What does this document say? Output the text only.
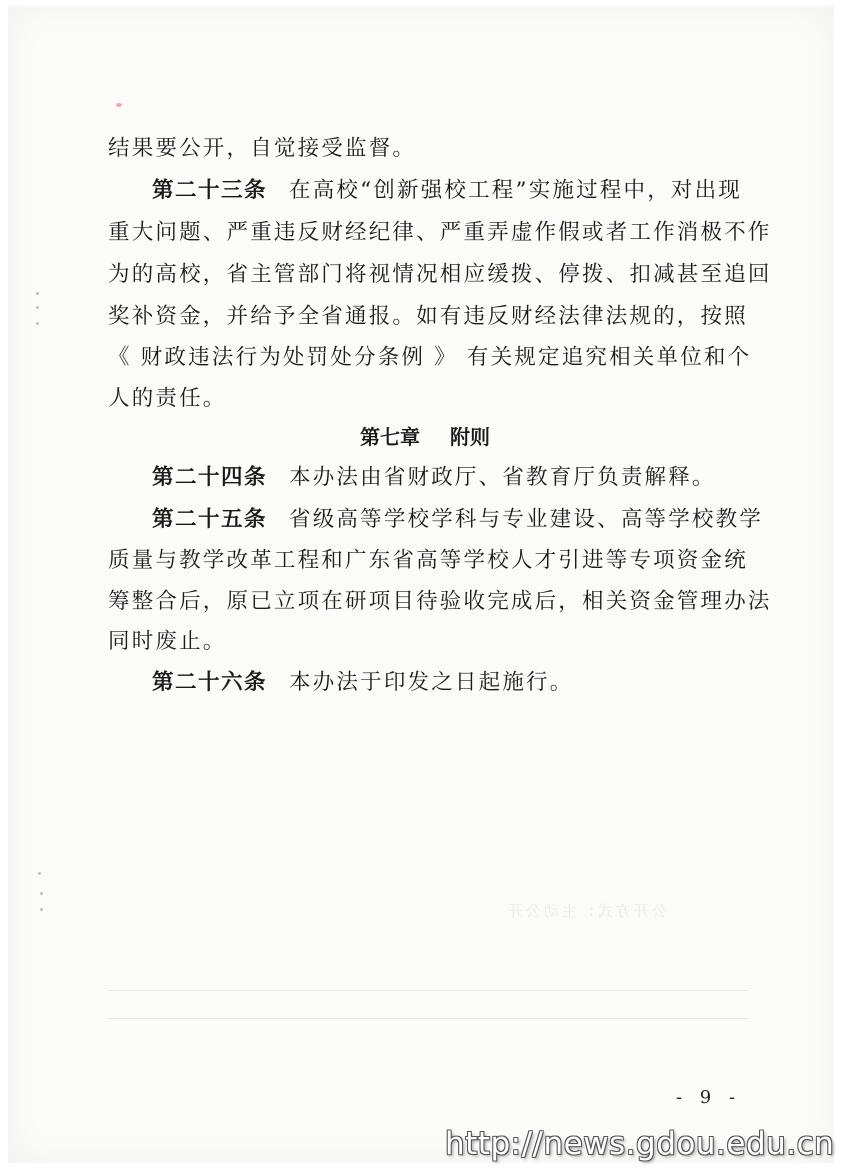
公开方式：主动公开
结果要公开，自觉接受监督。
第二十三条 在高校“创新强校工程”实施过程中，对出现
重大问题、严重违反财经纪律、严重弄虚作假或者工作消极不作
为的高校，省主管部门将视情况相应缓拨、停拨、扣减甚至追回
奖补资金，并给予全省通报。如有违反财经法律法规的，按照
《 财政违法行为处罚处分条例 》 有关规定追究相关单位和个
人的责任。
第七章 附则
第二十四条 本办法由省财政厅、省教育厅负责解释。
第二十五条 省级高等学校学科与专业建设、高等学校教学
质量与教学改革工程和广东省高等学校人才引进等专项资金统
筹整合后，原已立项在研项目待验收完成后，相关资金管理办法
同时废止。
第二十六条 本办法于印发之日起施行。
- 9 -
http://news.gdou.edu.cn
